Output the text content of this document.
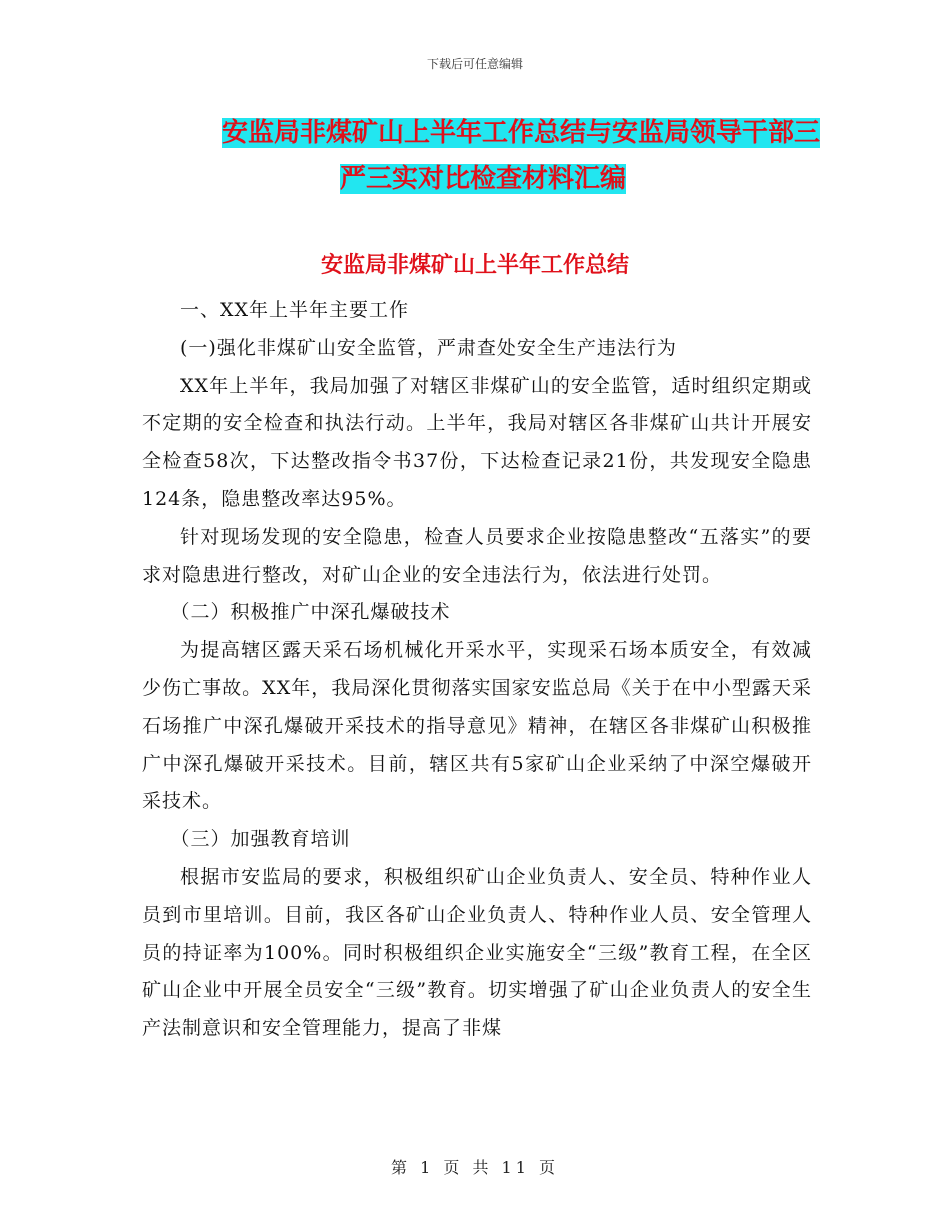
下载后可任意编辑
安监局非煤矿山上半年工作总结与安监局领导干部三
严三实对比检查材料汇编
安监局非煤矿山上半年工作总结

一、XX年上半年主要工作

(一)强化非煤矿山安全监管，严肃查处安全生产违法行为

XX年上半年，我局加强了对辖区非煤矿山的安全监管，适时组织定期或不定期的安全检查和执法行动。上半年，我局对辖区各非煤矿山共计开展安全检查58次，下达整改指令书37份，下达检查记录21份，共发现安全隐患124条，隐患整改率达95%。

针对现场发现的安全隐患，检查人员要求企业按隐患整改“五落实”的要求对隐患进行整改，对矿山企业的安全违法行为，依法进行处罚。

（二）积极推广中深孔爆破技术

为提高辖区露天采石场机械化开采水平，实现采石场本质安全，有效减少伤亡事故。XX年，我局深化贯彻落实国家安监总局《关于在中小型露天采石场推广中深孔爆破开采技术的指导意见》精神，在辖区各非煤矿山积极推广中深孔爆破开采技术。目前，辖区共有5家矿山企业采纳了中深空爆破开采技术。

（三）加强教育培训

根据市安监局的要求，积极组织矿山企业负责人、安全员、特种作业人员到市里培训。目前，我区各矿山企业负责人、特种作业人员、安全管理人员的持证率为100%。同时积极组织企业实施安全“三级”教育工程，在全区矿山企业中开展全员安全“三级”教育。切实增强了矿山企业负责人的安全生产法制意识和安全管理能力，提高了非煤

第 1 页 共 11 页
